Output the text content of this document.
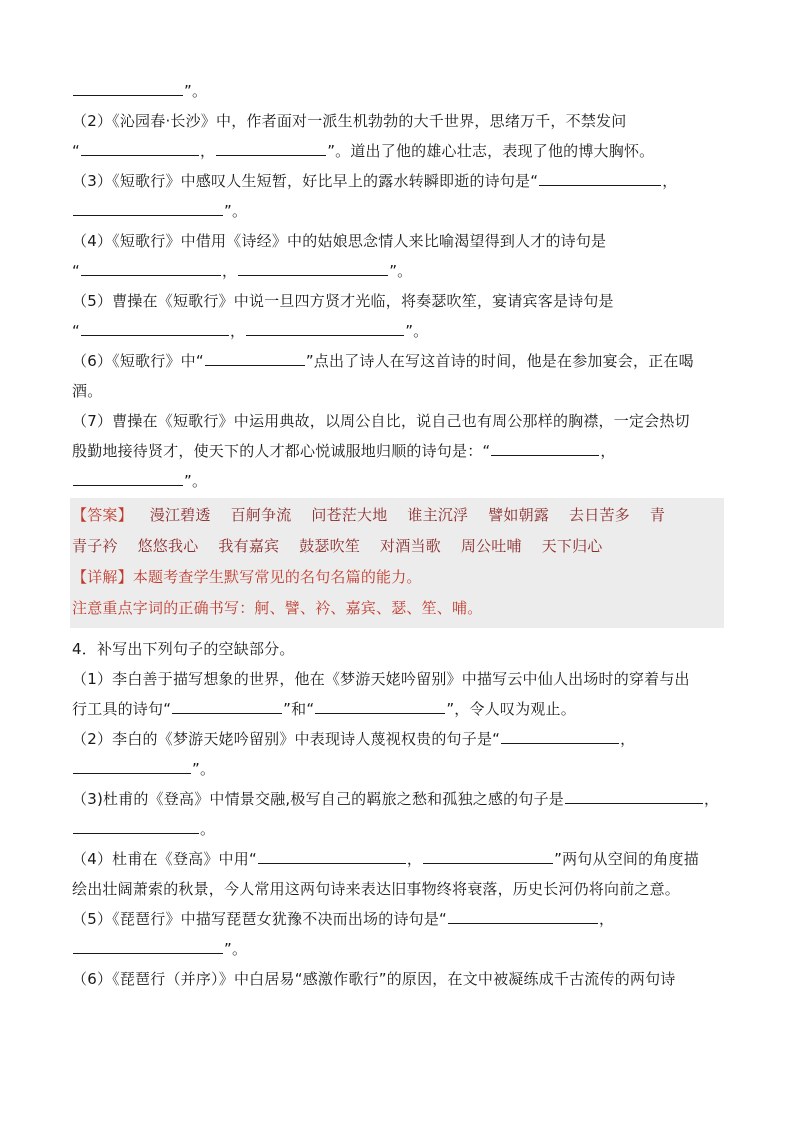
”。
（2）《沁园春·长沙》中，作者面对一派生机勃勃的大千世界，思绪万千，不禁发问
“	，	”。道出了他的雄心壮志，表现了他的博大胸怀。
（3）《短歌行》中感叹人生短暂，好比早上的露水转瞬即逝的诗句是“	，
”。
（4）《短歌行》中借用《诗经》中的姑娘思念情人来比喻渴望得到人才的诗句是
“	，	”。
（5）曹操在《短歌行》中说一旦四方贤才光临，将奏瑟吹笙，宴请宾客是诗句是
“	，	”。
（6）《短歌行》中“	”点出了诗人在写这首诗的时间，他是在参加宴会，正在喝
酒。
（7）曹操在《短歌行》中运用典故，以周公自比，说自己也有周公那样的胸襟，一定会热切
殷勤地接待贤才，使天下的人才都心悦诚服地归顺的诗句是：“	，
”。
【答案】 漫江碧透 百舸争流 问苍茫大地 谁主沉浮 譬如朝露 去日苦多 青
青子衿 悠悠我心 我有嘉宾 鼓瑟吹笙 对酒当歌 周公吐哺 天下归心
【详解】本题考查学生默写常见的名句名篇的能力。
注意重点字词的正确书写：舸、譬、衿、嘉宾、瑟、笙、哺。
4．补写出下列句子的空缺部分。
（1）李白善于描写想象的世界，他在《梦游天姥吟留别》中描写云中仙人出场时的穿着与出
行工具的诗句“	”和“	”，令人叹为观止。
（2）李白的《梦游天姥吟留别》中表现诗人蔑视权贵的句子是“	，
”。
（3)杜甫的《登高》中情景交融,极写自己的羁旅之愁和孤独之感的句子是	，
。
（4）杜甫在《登高》中用“	，	”两句从空间的角度描
绘出壮阔萧索的秋景，今人常用这两句诗来表达旧事物终将衰落，历史长河仍将向前之意。
（5）《琵琶行》中描写琵琶女犹豫不决而出场的诗句是“	，
”。
（6）《琵琶行（并序）》中白居易“感激作歌行”的原因，在文中被凝练成千古流传的两句诗
